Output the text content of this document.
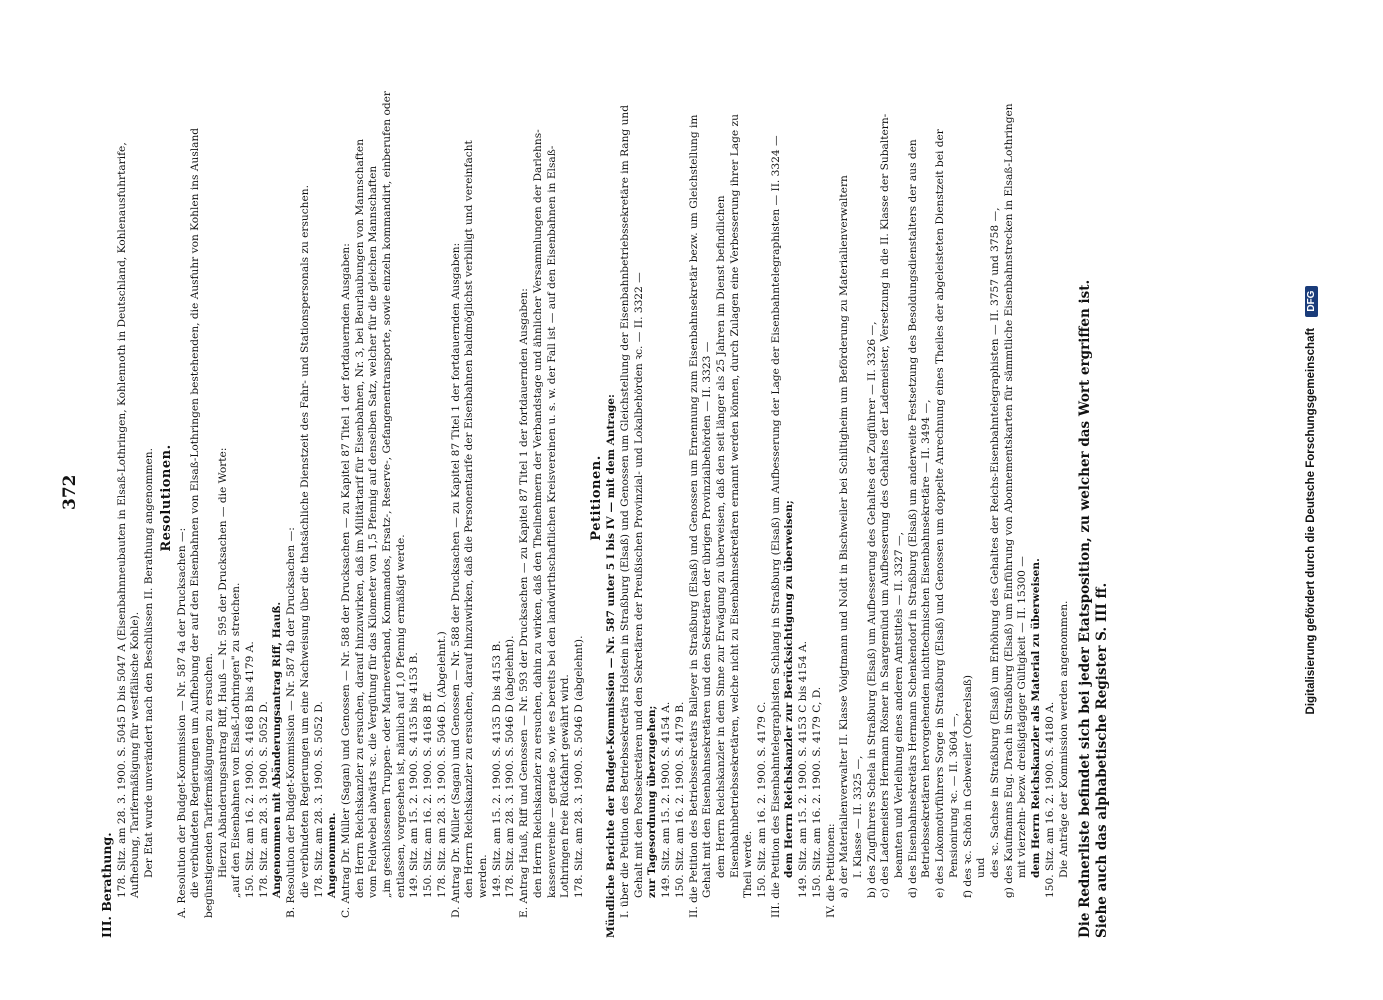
372

III. Berathung. 178. Sitz. am 28. 3. 1900. S. 5045 D bis 5047 A (Eisenbahnneubauten in Elsaß-Lothringen, Kohlennoth in Deutschland, Kohlenausfuhrtarife, Aufhebung, Tarifermäßigung für westfälische Kohle). Der Etat wurde unverändert nach den Beschlüssen II. Berathung angenommen. Resolutionen.

A. Resolution der Budget-Kommission — Nr. 587 4a der Drucksachen —: die verbündeten Regierungen um Aufhebung der auf den Eisenbahnen von Elsaß-Lothringen bestehenden, die Ausfuhr von Kohlen ins Ausland begünstigenden Tarifermäßigungen zu ersuchen. Hierzu Abänderungsantrag Riff, Hauß — Nr. 595 der Drucksachen — die Worte: „auf den Eisenbahnen von Elsaß-Lothringen" zu streichen. 150. Sitz. am 16. 2. 1900. S. 4168 B bis 4179 A. 178. Sitz. am 28. 3. 1900. S. 5052 D. Angenommen mit Abänderungsantrag Riff, Hauß. B. Resolution der Budget-Kommission — Nr. 587 4b der Drucksachen —: die verbündeten Regierungen um eine Nachweisung über die thatsächliche Dienstzeit des Fahr- und Stationspersonals zu ersuchen. 178. Sitz. am 28. 3. 1900. S. 5052 D. Angenommen. C. Antrag Dr. Müller (Sagan) und Genossen — Nr. 588 der Drucksachen — zu Kapitel 87 Titel 1 der fortdauernden Ausgaben: den Herrn Reichskanzler zu ersuchen, darauf hinzuwirken, daß im Militärtarif für Eisenbahnen, Nr. 3, bei Beurlaubungen von Mannschaften vom Feldwebel abwärts ꝛc. die Vergütung für das Kilometer von 1,5 Pfennig auf denselben Satz, welcher für die gleichen Mannschaften „im geschlossenen Truppen- oder Marineverband, Kommandos, Ersatz-, Reserve-, Gefangenentransporte, sowie einzeln kommandirt, einberufen oder entlassen, vorgesehen ist, nämlich auf 1,0 Pfennig ermäßigt werde. 149. Sitz. am 15. 2. 1900. S. 4135 bis 4153 B. 150. Sitz. am 16. 2. 1900. S. 4168 B ff. 178. Sitz. am 28. 3. 1900. S. 5046 D. (Abgelehnt.) D. Antrag Dr. Müller (Sagan) und Genossen — Nr. 588 der Drucksachen — zu Kapitel 87 Titel 1 der fortdauernden Ausgaben: den Herrn Reichskanzler zu ersuchen, darauf hinzuwirken, daß die Personentarife der Eisenbahnen baldmöglichst verbilligt und vereinfacht werden. 149. Sitz. am 15. 2. 1900. S. 4135 D bis 4153 B. 178. Sitz. am 28. 3. 1900. S. 5046 D (abgelehnt). E. Antrag Hauß, Riff und Genossen — Nr. 593 der Drucksachen — zu Kapitel 87 Titel 1 der fortdauernden Ausgaben: den Herrn Reichskanzler zu ersuchen, dahin zu wirken, daß den Theilnehmern der Verbandstage und ähnlicher Versammlungen der Darlehns- kassenvereine — gerade so, wie es bereits bei den landwirthschaftlichen Kreisvereinen u. s. w. der Fall ist — auf den Eisenbahnen in Elsaß- Lothringen freie Rückfahrt gewährt wird. 178. Sitz. am 28. 3. 1900. S. 5046 D (abgelehnt).

Petitionen. Mündliche Berichte der Budget-Kommission — Nr. 587 unter 5 I bis IV — mit dem Antrage: I. über die Petition des Betriebssekretärs Holstein in Straßburg (Elsaß) und Genossen um Gleichstellung der Eisenbahnbetriebssekretäre im Rang und Gehalt mit den Postsekretären und den Sekretären der Preußischen Provinzial- und Lokalbehörden ꝛc. — II. 3322 — zur Tagesordnung überzugehen; 149. Sitz. am 15. 2. 1900. S. 4154 A. 150. Sitz. am 16. 2. 1900. S. 4179 B. II. die Petition des Betriebssekretärs Balleyer in Straßburg (Elsaß) und Genossen um Ernennung zum Eisenbahnsekretär bezw. um Gleichstellung im Gehalt mit den Eisenbahnsekretären und den Sekretären der übrigen Provinzialbehörden — II. 3323 — dem Herrn Reichskanzler in dem Sinne zur Erwägung zu überweisen, daß den seit länger als 25 Jahren im Dienst befindlichen Eisenbahnbetriebssekretären, welche nicht zu Eisenbahnsekretären ernannt werden können, durch Zulagen eine Verbesserung ihrer Lage zu Theil werde. 150. Sitz. am 16. 2. 1900. S. 4179 C. III. die Petition des Eisenbahntelegraphisten Schlang in Straßburg (Elsaß) um Aufbesserung der Lage der Eisenbahntelegraphisten — II. 3324 — dem Herrn Reichskanzler zur Berücksichtigung zu überweisen; 149. Sitz. am 15. 2. 1900. S. 4153 C bis 4154 A. 150. Sitz. am 16. 2. 1900. S. 4179 C, D. IV. die Petitionen: a) der Materialienverwalter II. Klasse Voigtmann und Noldt in Bischweiler bei Schiltigheim um Beförderung zu Materialienverwaltern I. Klasse — II. 3325 —, b) des Zugführers Schela in Straßburg (Elsaß) um Aufbesserung des Gehaltes der Zugführer — II. 3326 —, c) des Lademeisters Hermann Rösner in Saargemünd um Aufbesserung des Gehaltes der Lademeister, Versetzung in die II. Klasse der Subaltern- beamten und Verleihung eines anderen Amtstitels — II. 3327 —, d) des Eisenbahnsekretärs Hermann Schenkendorf in Straßburg (Elsaß) um anderweite Festsetzung des Besoldungsdienstalters der aus den Betriebssekretären hervorgehenden nichttechnischen Eisenbahnsekretäre — II. 3494 —, e) des Lokomotivführers Sorge in Straßburg (Elsaß) und Genossen um doppelte Anrechnung eines Theiles der abgeleisteten Dienstzeit bei der Pensionirung ꝛc. — II. 3604 —, f) des ꝛc. Schön in Gebweiler (Oberelsaß) und des ꝛc. Sachse in Straßburg (Elsaß) um Erhöhung des Gehaltes der Reichs-Eisenbahntelegraphisten — II. 3757 und 3758 —, g) des Kaufmanns Eug. Drach in Straßburg (Elsaß) um Einführung von Abonnementskarten für sämmtliche Eisenbahnstrecken in Elsaß-Lothringen mit vierzehn- bezw. dreißigtägiger Gültigkeit — II. 15300 — dem Herrn Reichskanzler als Material zu überweisen. 150. Sitz. am 16. 2. 1900. S. 4180 A. Die Anträge der Kommission werden angenommen. Die Rednerliste befindet sich bei jeder Etatsposition, zu welcher das Wort ergriffen ist. Siehe auch das alphabetische Register S. III ff.

Digitalisierung gefördert durch die Deutsche Forschungsgemeinschaft DFG
